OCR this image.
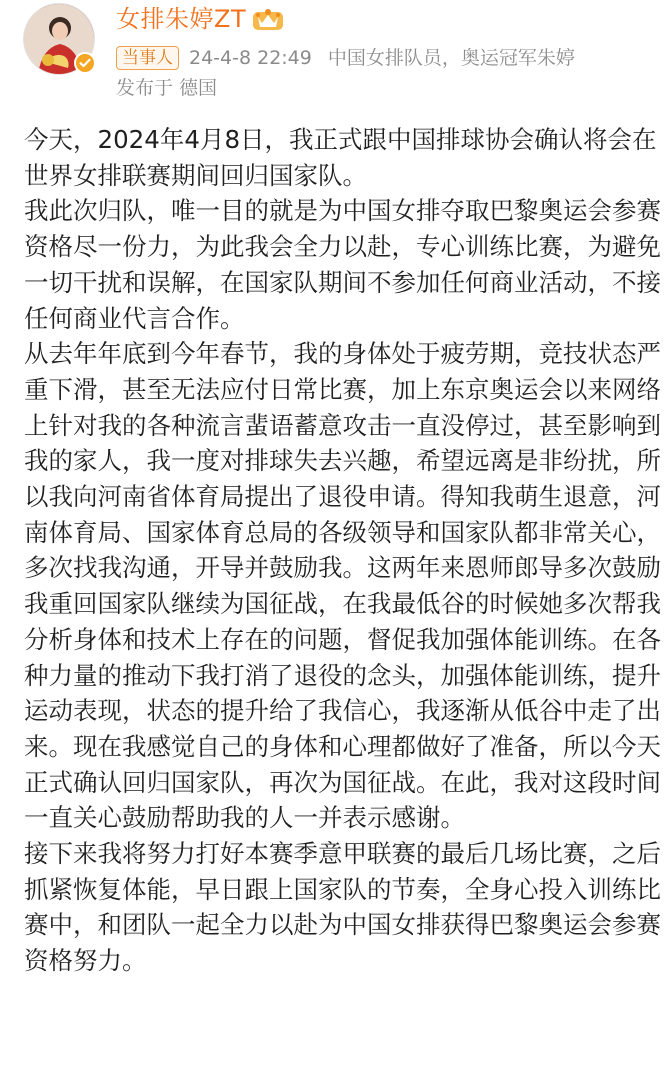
女排朱婷ZT
当事人 24-4-8 22:49 中国女排队员，奥运冠军朱婷
发布于 德国

今天，2024年4月8日，我正式跟中国排球协会确认将会在世界女排联赛期间回归国家队。

我此次归队，唯一目的就是为中国女排夺取巴黎奥运会参赛资格尽一份力，为此我会全力以赴，专心训练比赛，为避免一切干扰和误解，在国家队期间不参加任何商业活动，不接任何商业代言合作。

从去年年底到今年春节，我的身体处于疲劳期，竞技状态严重下滑，甚至无法应付日常比赛，加上东京奥运会以来网络上针对我的各种流言蜚语蓄意攻击一直没停过，甚至影响到我的家人，我一度对排球失去兴趣，希望远离是非纷扰，所以我向河南省体育局提出了退役申请。得知我萌生退意，河南体育局、国家体育总局的各级领导和国家队都非常关心，多次找我沟通，开导并鼓励我。这两年来恩师郎导多次鼓励我重回国家队继续为国征战，在我最低谷的时候她多次帮我分析身体和技术上存在的问题，督促我加强体能训练。在各种力量的推动下我打消了退役的念头，加强体能训练，提升运动表现，状态的提升给了我信心，我逐渐从低谷中走了出来。现在我感觉自己的身体和心理都做好了准备，所以今天正式确认回归国家队，再次为国征战。在此，我对这段时间一直关心鼓励帮助我的人一并表示感谢。

接下来我将努力打好本赛季意甲联赛的最后几场比赛，之后抓紧恢复体能，早日跟上国家队的节奏，全身心投入训练比赛中，和团队一起全力以赴为中国女排获得巴黎奥运会参赛资格努力。
